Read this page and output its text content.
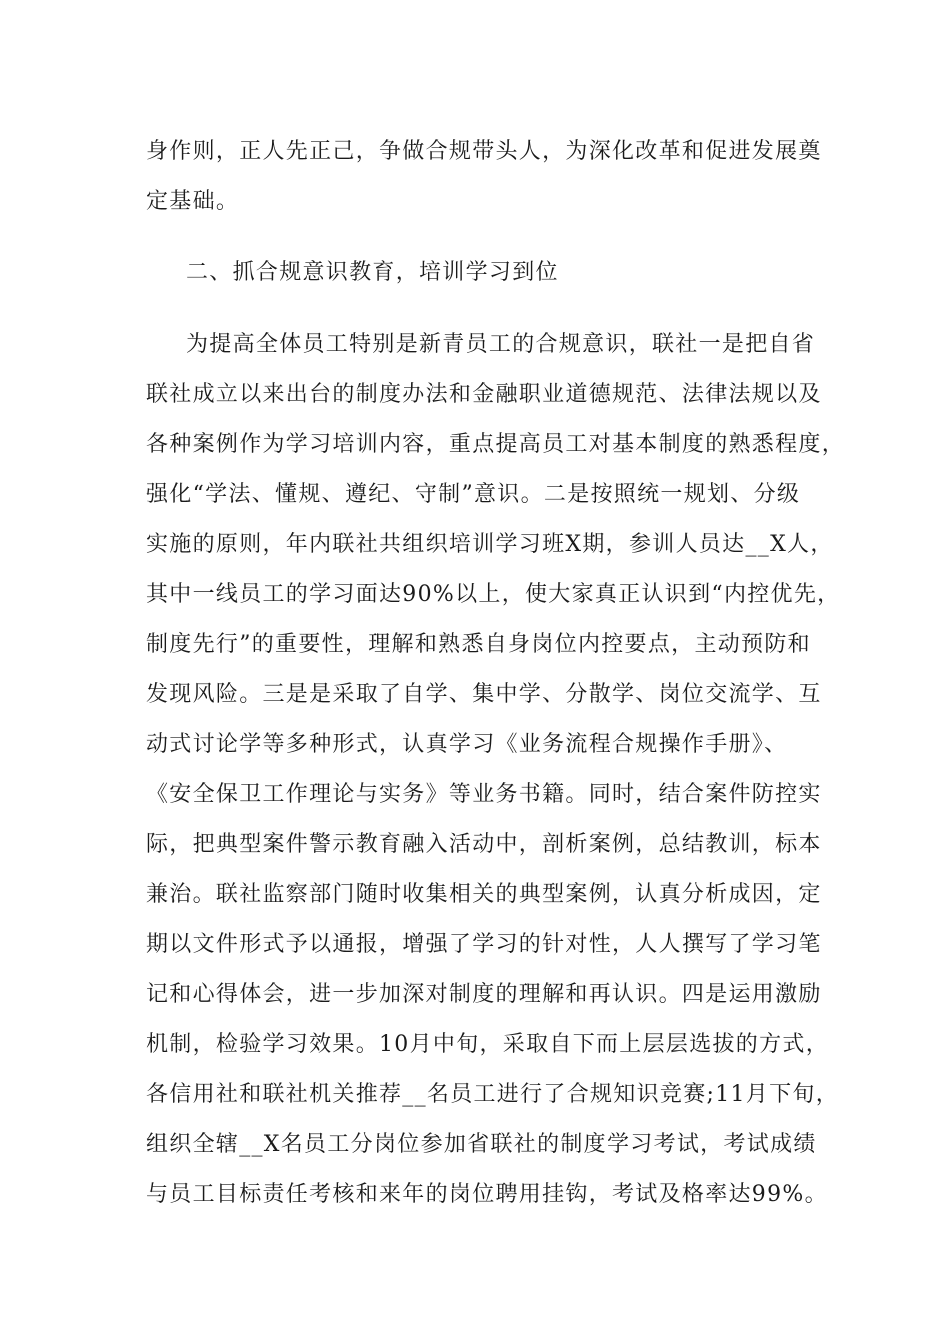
身作则，正人先正己，争做合规带头人，为深化改革和促进发展奠
定基础。
二、抓合规意识教育，培训学习到位
为提高全体员工特别是新青员工的合规意识，联社一是把自省
联社成立以来出台的制度办法和金融职业道德规范、法律法规以及
各种案例作为学习培训内容，重点提高员工对基本制度的熟悉程度，
强化“学法、懂规、遵纪、守制”意识。二是按照统一规划、分级
实施的原则，年内联社共组织培训学习班X期，参训人员达__X人，
其中一线员工的学习面达90%以上，使大家真正认识到“内控优先，
制度先行”的重要性，理解和熟悉自身岗位内控要点，主动预防和
发现风险。三是是采取了自学、集中学、分散学、岗位交流学、互
动式讨论学等多种形式，认真学习《业务流程合规操作手册》、
《安全保卫工作理论与实务》等业务书籍。同时，结合案件防控实
际，把典型案件警示教育融入活动中，剖析案例，总结教训，标本
兼治。联社监察部门随时收集相关的典型案例，认真分析成因，定
期以文件形式予以通报，增强了学习的针对性，人人撰写了学习笔
记和心得体会，进一步加深对制度的理解和再认识。四是运用激励
机制，检验学习效果。10月中旬，采取自下而上层层选拔的方式，
各信用社和联社机关推荐__名员工进行了合规知识竞赛;11月下旬，
组织全辖__X名员工分岗位参加省联社的制度学习考试，考试成绩
与员工目标责任考核和来年的岗位聘用挂钩，考试及格率达99%。
